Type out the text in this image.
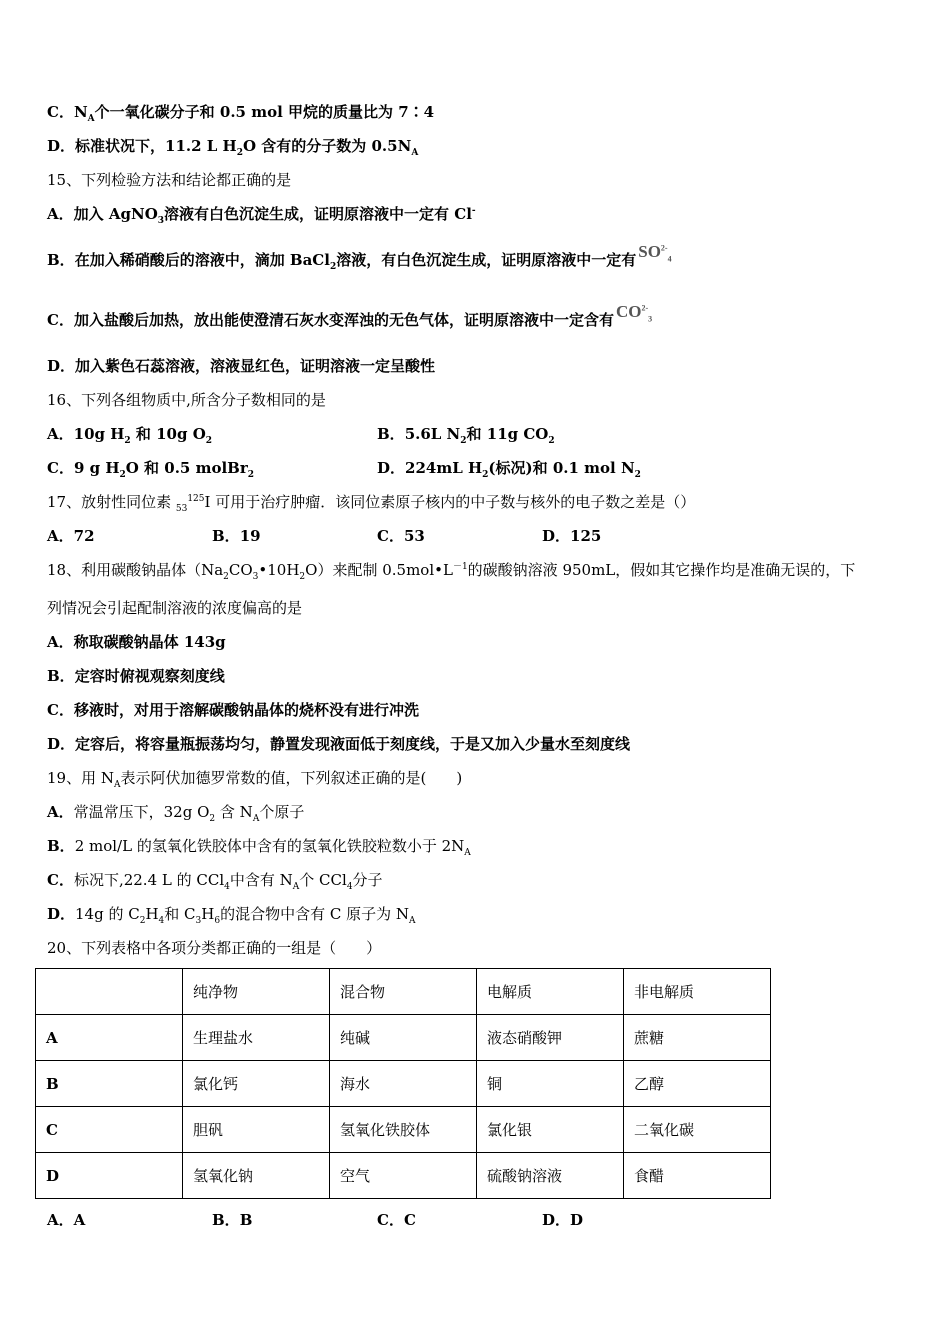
C．$N_A$个一氧化碳分子和 0.5 mol 甲烷的质量比为 7∶4
D．标准状况下，11.2 L $H_2O$ 含有的分子数为 $0.5N_A$
15、下列检验方法和结论都正确的是
A．加入 AgNO$_3$溶液有白色沉淀生成，证明原溶液中一定有 Cl-
B．在加入稀硝酸后的溶液中，滴加 BaCl$_2$溶液，有白色沉淀生成，证明原溶液中一定有 $SO^{2-}_4$
C．加入盐酸后加热，放出能使澄清石灰水变浑浊的无色气体，证明原溶液中一定含有 $CO^{2-}_3$
D．加入紫色石蕊溶液，溶液显红色，证明溶液一定呈酸性
16、下列各组物质中,所含分子数相同的是
A．10g $H_2$ 和 10g $O_2$	B．5.6L $N_2$和 11g $CO_2$
C．9 g $H_2O$ 和 0.5 molBr$_2$	D．224mL $H_2$(标况)和 0.1 mol $N_2$
17、放射性同位素 $_{53}^{125}$I 可用于治疗肿瘤．该同位素原子核内的中子数与核外的电子数之差是（）
A．72	B．19	C．53	D．125
18、利用碳酸钠晶体$(Na_2CO_3•10H_2O)$来配制 $0.5mol•L^{-1}$的碳酸钠溶液 950mL，假如其它操作均是准确无误的，下
列情况会引起配制溶液的浓度偏高的是
A．称取碳酸钠晶体 143g
B．定容时俯视观察刻度线
C．移液时，对用于溶解碳酸钠晶体的烧杯没有进行冲洗
D．定容后，将容量瓶振荡均匀，静置发现液面低于刻度线，于是又加入少量水至刻度线
19、用 $N_A$表示阿伏加德罗常数的值，下列叙述正确的是(　　)
A．常温常压下，32g $O_2$ 含 $N_A$个原子
B．2 mol/L 的氢氧化铁胶体中含有的氢氧化铁胶粒数小于 $2N_A$
C．标况下,22.4 L 的 CCl$_4$中含有 $N_A$个 CCl$_4$分子
D．14g 的 $C_2H_4$和 $C_3H_6$的混合物中含有 C 原子为 $N_A$
20、下列表格中各项分类都正确的一组是（　　）
	纯净物	混合物	电解质	非电解质
A	生理盐水	纯碱	液态硝酸钾	蔗糖
B	氯化钙	海水	铜	乙醇
C	胆矾	氢氧化铁胶体	氯化银	二氧化碳
D	氢氧化钠	空气	硫酸钠溶液	食醋
A．A	B．B	C．C	D．D
